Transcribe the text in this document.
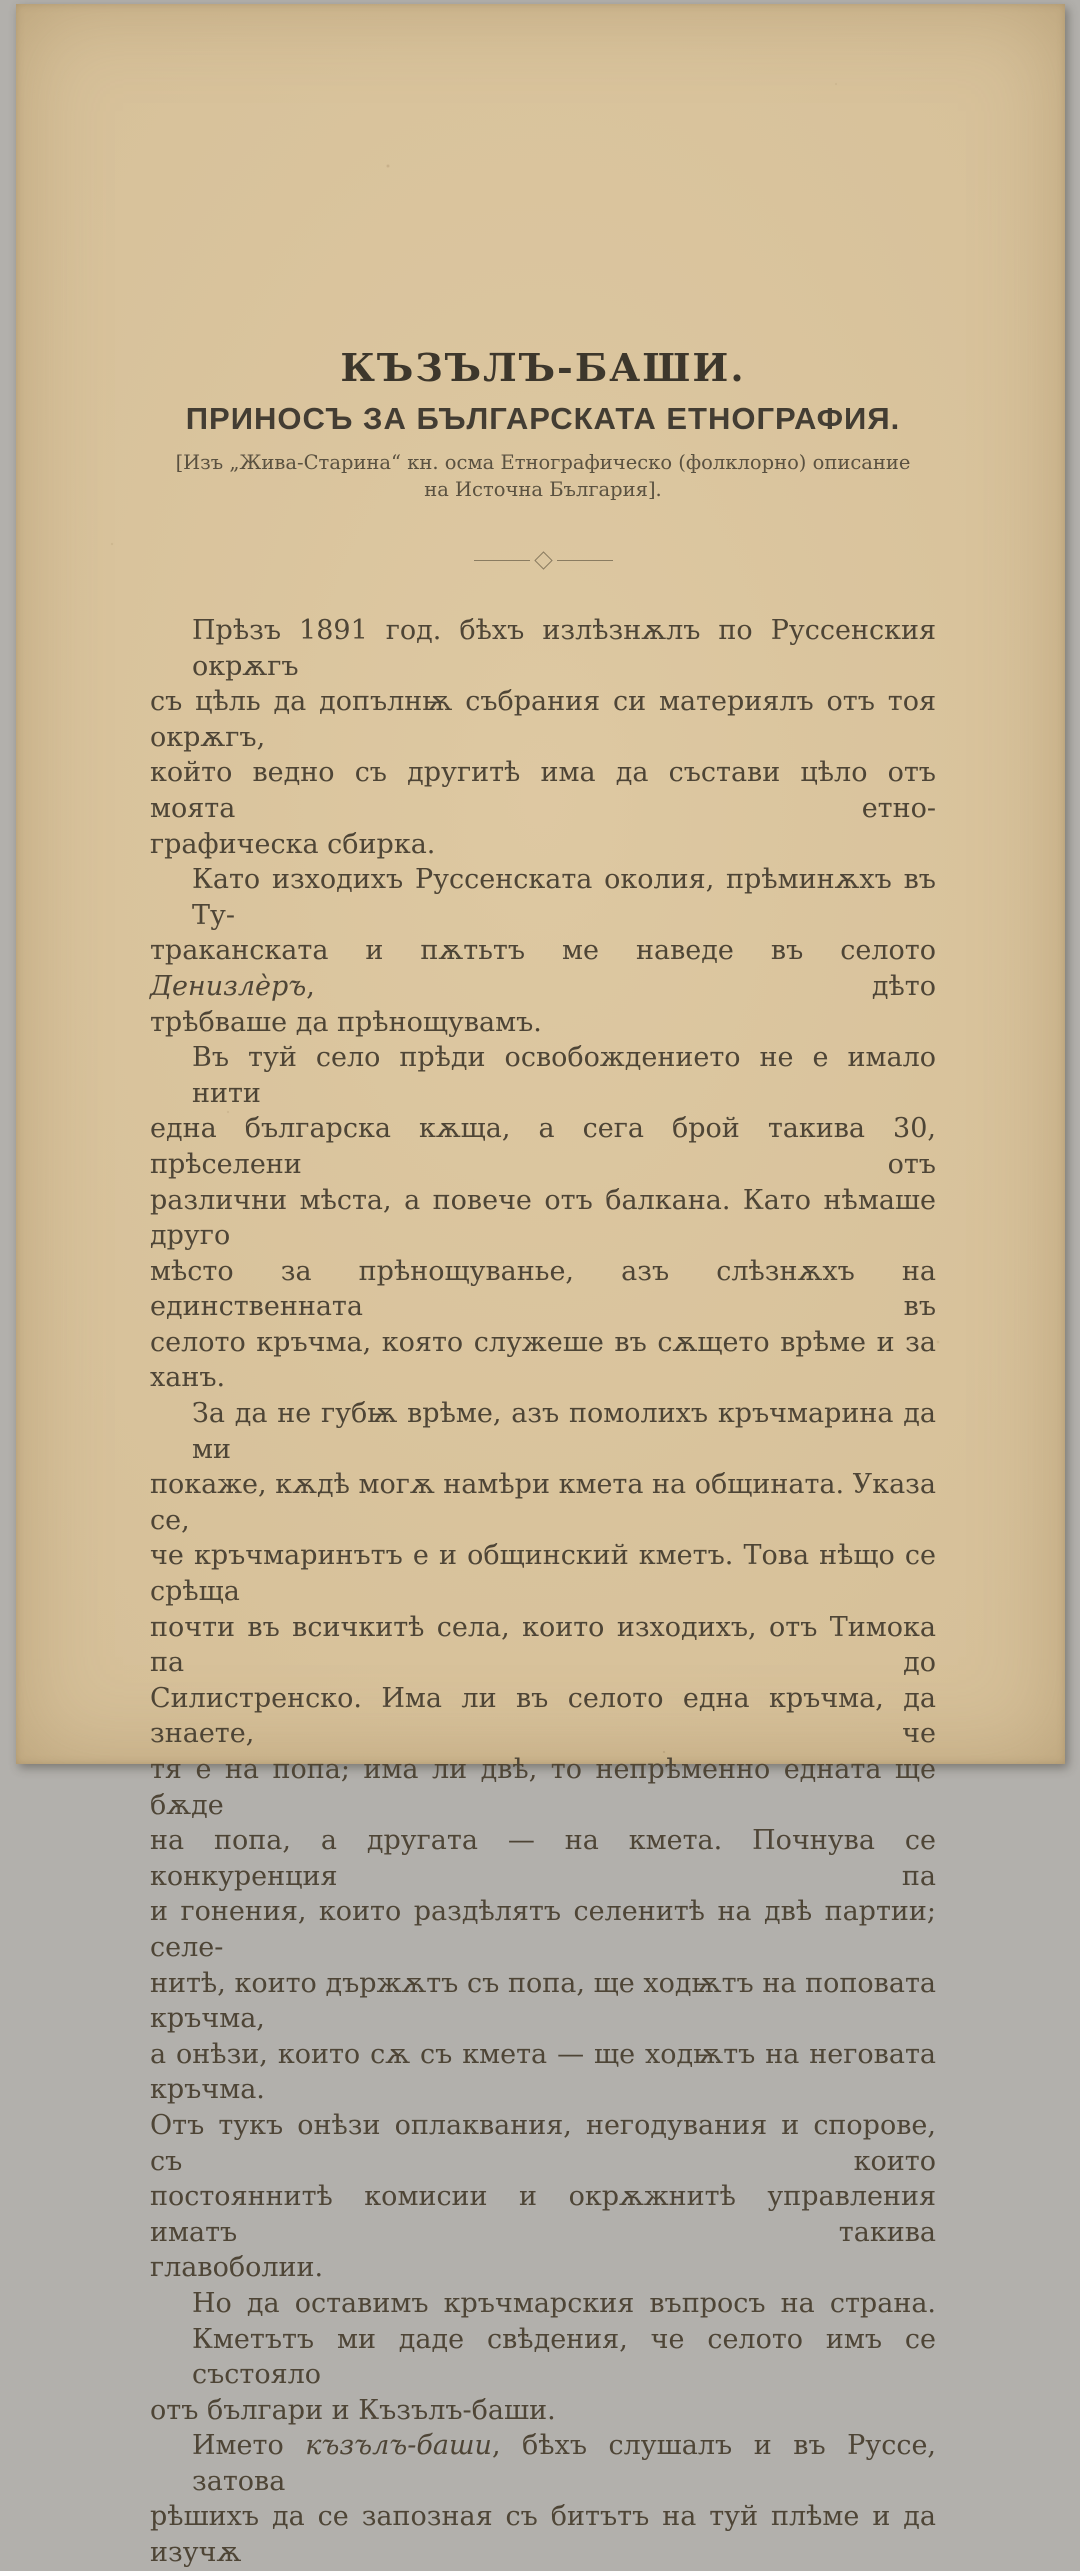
КЪЗЪЛЪ-БАШИ.
ПРИНОСЪ ЗА БЪЛГАРСКАТА ЕТНОГРАФИЯ.
[Изъ „Жива-Старина“ кн. осма Етнографическо (фолклорно) описание
на Источна България].
Прѣзъ 1891 год. бѣхъ излѣзнѫлъ по Руссенския окрѫгъ
съ цѣль да допълнѭ събрания си материялъ отъ тоя окрѫгъ,
който ведно съ другитѣ има да състави цѣло отъ моята етно-
графическа сбирка.
Като изходихъ Руссенската околия, прѣминѫхъ въ Ту-
траканската и пѫтьтъ ме наведе въ селото Денизлѐръ, дѣто
трѣбваше да прѣнощувамъ.
Въ туй село прѣди освобождението не е имало нити
една българска кѫща, а сега брой такива 30, прѣселени отъ
различни мѣста, а повече отъ балкана. Като нѣмаше друго
мѣсто за прѣнощуванье, азъ слѣзнѫхъ на единственната въ
селото кръчма, която служеше въ сѫщето врѣме и за ханъ.
За да не губѭ врѣме, азъ помолихъ кръчмарина да ми
покаже, кѫдѣ могѫ намѣри кмета на общината. Указа се,
че кръчмаринътъ е и общинский кметъ. Това нѣщо се срѣща
почти въ всичкитѣ села, които изходихъ, отъ Тимока па до
Силистренско. Има ли въ селото една кръчма, да знаете, че
тя е на попа; има ли двѣ, то непрѣменно едната ще бѫде
на попа, а другата — на кмета. Почнува се конкуренция па
и гонения, които раздѣлятъ селенитѣ на двѣ партии; селе-
нитѣ, които държѫтъ съ попа, ще ходѭтъ на поповата кръчма,
а онѣзи, които сѫ съ кмета — ще ходѭтъ на неговата кръчма.
Отъ тукъ онѣзи оплаквания, негодувания и спорове, съ които
постояннитѣ комисии и окрѫжнитѣ управления иматъ такива
главоболии.
Но да оставимъ кръчмарския въпросъ на страна.
Кметътъ ми даде свѣдения, че селото имъ се състояло
отъ българи и Къзълъ-баши.
Името къзълъ-баши, бѣхъ слушалъ и въ Руссе, затова
рѣшихъ да се запозная съ битътъ на туй плѣме и да изучѫ
